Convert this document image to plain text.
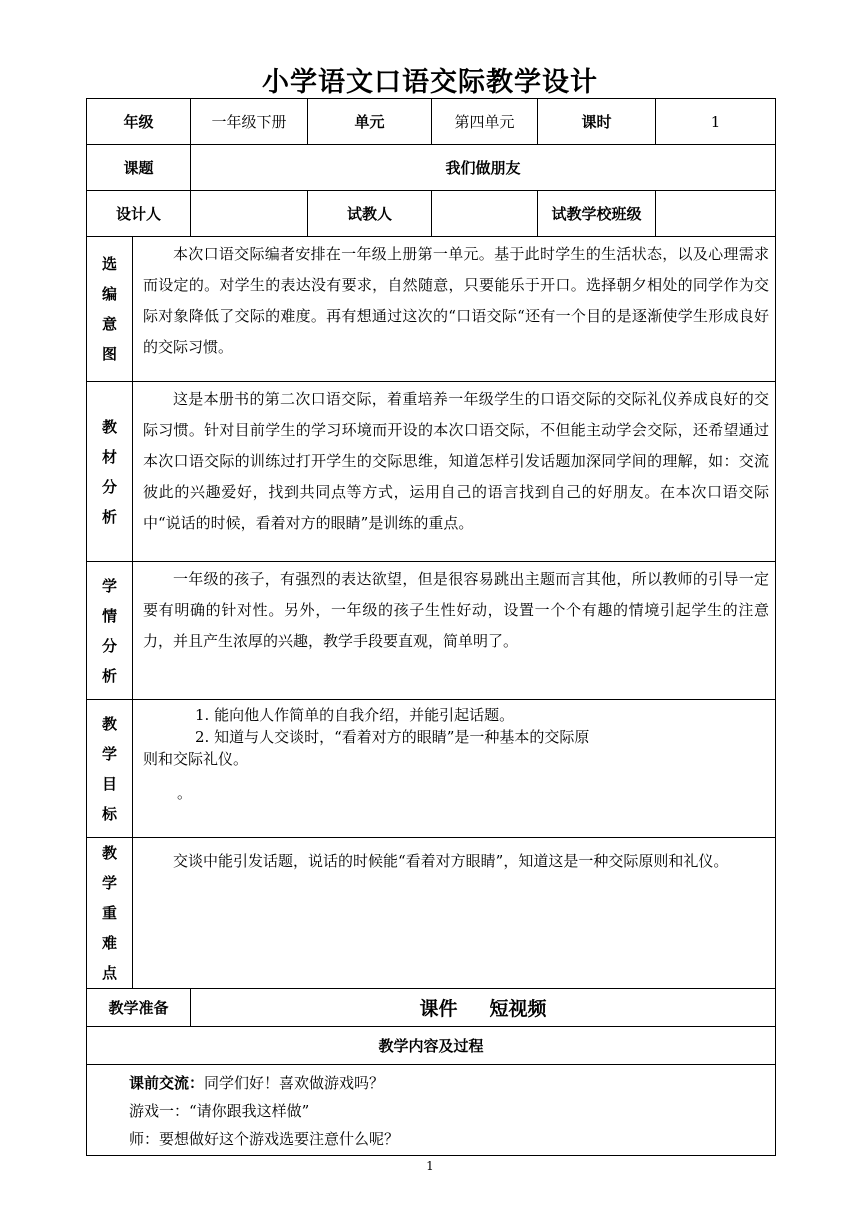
小学语文口语交际教学设计
年级		一年级下册	单元	第四单元	课时	1
课题		我们做朋友				
设计人			试教人		试教学校班级	

选
编
意
图	本次口语交际编者安排在一年级上册第一单元。基于此时学生的生活状态，以及心理需求而设定的。对学生的表达没有要求，自然随意，只要能乐于开口。选择朝夕相处的同学作为交际对象降低了交际的难度。再有想通过这次的“口语交际“还有一个目的是逐渐使学生形成良好的交际习惯。					

教
材
分
析	这是本册书的第二次口语交际，着重培养一年级学生的口语交际的交际礼仪养成良好的交际习惯。针对目前学生的学习环境而开设的本次口语交际，不但能主动学会交际，还希望通过本次口语交际的训练过打开学生的交际思维，知道怎样引发话题加深同学间的理解，如：交流彼此的兴趣爱好，找到共同点等方式，运用自己的语言找到自己的好朋友。在本次口语交际中“说话的时候，看着对方的眼睛”是训练的重点。					

学
情
分
析	一年级的孩子，有强烈的表达欲望，但是很容易跳出主题而言其他，所以教师的引导一定要有明确的针对性。另外，一年级的孩子生性好动，设置一个个有趣的情境引起学生的注意力，并且产生浓厚的兴趣，教学手段要直观，简单明了。					

教
学
目
标	1. 能向他人作简单的自我介绍，并能引起话题。
2. 知道与人交谈时，“看着对方的眼睛”是一种基本的交际原
则和交际礼仪。
。					

教
学
重
难
点	交谈中能引发话题，说话的时候能“看着对方眼睛”，知道这是一种交际原则和礼仪。					

教学准备		课件 短视频				
教学内容及过程						

课前交流：同学们好！喜欢做游戏吗？
游戏一：“请你跟我这样做”
师：要想做好这个游戏选要注意什么呢？						
1
